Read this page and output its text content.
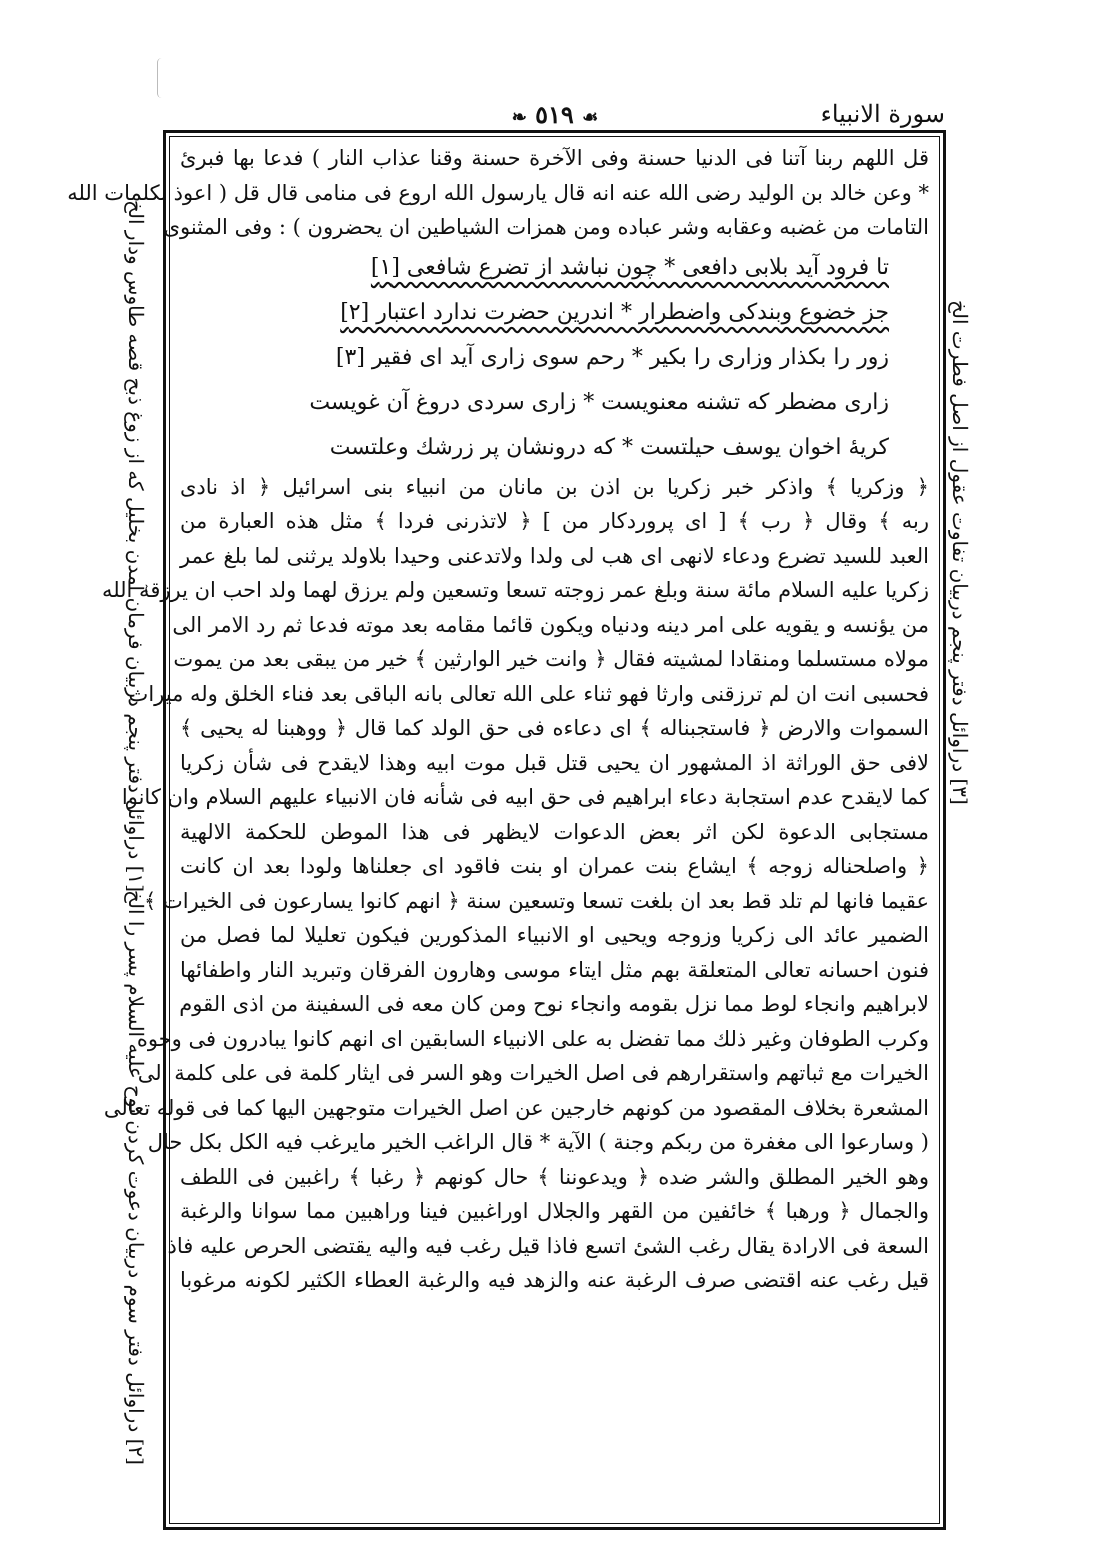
سورة الانبياء
☙ ٥١٩ ❧
قل اللهم ربنا آتنا فى الدنيا حسنة وفى الآخرة حسنة وقنا عذاب النار ) فدعا بها فبرئ
* وعن خالد بن الوليد رضى الله عنه انه قال يارسول الله اروع فى منامى قال قل ( اعوذ بكلمات الله
التامات من غضبه وعقابه وشر عباده ومن همزات الشياطين ان يحضرون ) : وفى المثنوى
تا فرود آيد بلابى دافعى * چون نباشد از تضرع شافعى [١]
جز خضوع وبندكى واضطرار * اندرين حضرت ندارد اعتبار [٢]
زور را بكذار وزارى را بكير * رحم سوى زارى آيد اى فقير [٣]
زارى مضطر كه تشنه معنويست * زارى سردى دروغ آن غويست
كريهٔ اخوان يوسف حيلتست * كه درونشان پر زرشك وعلتست
﴿ وزكريا ﴾ واذكر خبر زكريا بن اذن بن مانان من انبياء بنى اسرائيل ﴿ اذ نادى
ربه ﴾ وقال ﴿ رب ﴾ [ اى پروردكار من ] ﴿ لاتذرنى فردا ﴾ مثل هذه العبارة من
العبد للسيد تضرع ودعاء لانهى اى هب لى ولدا ولاتدعنى وحيدا بلاولد يرثنى لما بلغ عمر
زكريا عليه السلام مائة سنة وبلغ عمر زوجته تسعا وتسعين ولم يرزق لهما ولد احب ان يرزقه الله
من يؤنسه و يقويه على امر دينه ودنياه ويكون قائما مقامه بعد موته فدعا ثم رد الامر الى
مولاه مستسلما ومنقادا لمشيته فقال ﴿ وانت خير الوارثين ﴾ خير من يبقى بعد من يموت
فحسبى انت ان لم ترزقنى وارثا فهو ثناء على الله تعالى بانه الباقى بعد فناء الخلق وله ميراث
السموات والارض ﴿ فاستجبناله ﴾ اى دعاءه فى حق الولد كما قال ﴿ ووهبنا له يحيى ﴾
لافى حق الوراثة اذ المشهور ان يحيى قتل قبل موت ابيه وهذا لايقدح فى شأن زكريا
كما لايقدح عدم استجابة دعاء ابراهيم فى حق ابيه فى شأنه فان الانبياء عليهم السلام وان كانوا
مستجابى الدعوة لكن اثر بعض الدعوات لايظهر فى هذا الموطن للحكمة الالهية
﴿ واصلحناله زوجه ﴾ ايشاع بنت عمران او بنت فاقود اى جعلناها ولودا بعد ان كانت
عقيما فانها لم تلد قط بعد ان بلغت تسعا وتسعين سنة ﴿ انهم كانوا يسارعون فى الخيرات ﴾
الضمير عائد الى زكريا وزوجه ويحيى او الانبياء المذكورين فيكون تعليلا لما فصل من
فنون احسانه تعالى المتعلقة بهم مثل ايتاء موسى وهارون الفرقان وتبريد النار واطفائها
لابراهيم وانجاء لوط مما نزل بقومه وانجاء نوح ومن كان معه فى السفينة من اذى القوم
وكرب الطوفان وغير ذلك مما تفضل به على الانبياء السابقين اى انهم كانوا يبادرون فى وجوه
الخيرات مع ثباتهم واستقرارهم فى اصل الخيرات وهو السر فى ايثار كلمة فى على كلمة الى
المشعرة بخلاف المقصود من كونهم خارجين عن اصل الخيرات متوجهين اليها كما فى قوله تعالى
( وسارعوا الى مغفرة من ربكم وجنة ) الآية * قال الراغب الخير مايرغب فيه الكل بكل حال
وهو الخير المطلق والشر ضده ﴿ ويدعوننا ﴾ حال كونهم ﴿ رغبا ﴾ راغبين فى اللطف
والجمال ﴿ ورهبا ﴾ خائفين من القهر والجلال اوراغبين فينا وراهبين مما سوانا والرغبة
السعة فى الارادة يقال رغب الشئ اتسع فاذا قيل رغب فيه واليه يقتضى الحرص عليه فاذا
قيل رغب عنه اقتضى صرف الرغبة عنه والزهد فيه والرغبة العطاء الكثير لكونه مرغوبا
[١] دراوائل دفتر پنجم دربيان فرمان آمدن بخليل كه از زوغ ذبح قصه طاوس ودار الخ
[٢] دراوائل دفتر سوم دربيان دعوت كردن نوح عليه السلام پسر را الخ
[٣] دراوائل دفتر پنجم دربيان تفاوت عقول از اصل فطرت الخ
